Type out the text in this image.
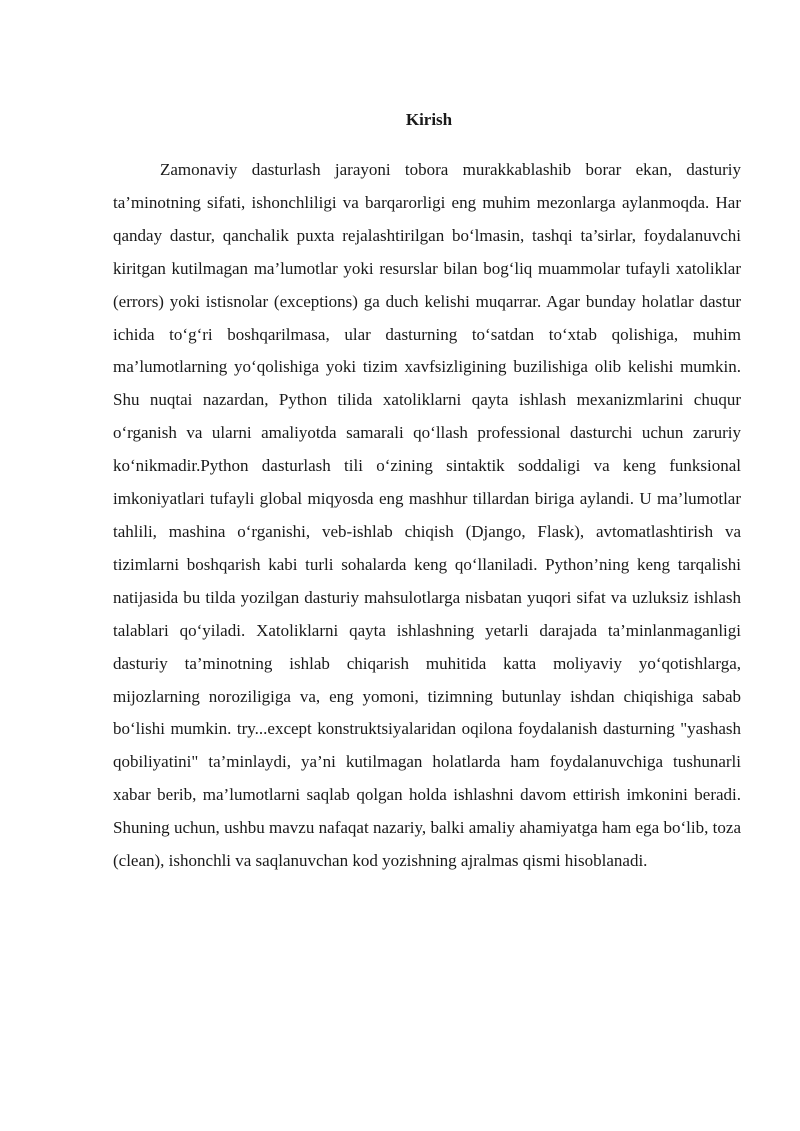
Kirish

Zamonaviy dasturlash jarayoni tobora murakkablashib borar ekan, dasturiy ta’minotning sifati, ishonchliligi va barqarorligi eng muhim mezonlarga aylanmoqda. Har qanday dastur, qanchalik puxta rejalashtirilgan bo‘lmasin, tashqi ta’sirlar, foydalanuvchi kiritgan kutilmagan ma’lumotlar yoki resurslar bilan bog‘liq muammolar tufayli xatoliklar (errors) yoki istisnolar (exceptions) ga duch kelishi muqarrar. Agar bunday holatlar dastur ichida to‘g‘ri boshqarilmasa, ular dasturning to‘satdan to‘xtab qolishiga, muhim ma’lumotlarning yo‘qolishiga yoki tizim xavfsizligining buzilishiga olib kelishi mumkin. Shu nuqtai nazardan, Python tilida xatoliklarni qayta ishlash mexanizmlarini chuqur o‘rganish va ularni amaliyotda samarali qo‘llash professional dasturchi uchun zaruriy ko‘nikmadir.Python dasturlash tili o‘zining sintaktik soddaligi va keng funksional imkoniyatlari tufayli global miqyosda eng mashhur tillardan biriga aylandi. U ma’lumotlar tahlili, mashina o‘rganishi, veb-ishlab chiqish (Django, Flask), avtomatlashtirish va tizimlarni boshqarish kabi turli sohalarda keng qo‘llaniladi. Python’ning keng tarqalishi natijasida bu tilda yozilgan dasturiy mahsulotlarga nisbatan yuqori sifat va uzluksiz ishlash talablari qo‘yiladi. Xatoliklarni qayta ishlashning yetarli darajada ta’minlanmaganligi dasturiy ta’minotning ishlab chiqarish muhitida katta moliyaviy yo‘qotishlarga, mijozlarning noroziligiga va, eng yomoni, tizimning butunlay ishdan chiqishiga sabab bo‘lishi mumkin. try...except konstruktsiyalaridan oqilona foydalanish dasturning "yashash qobiliyatini" ta’minlaydi, ya’ni kutilmagan holatlarda ham foydalanuvchiga tushunarli xabar berib, ma’lumotlarni saqlab qolgan holda ishlashni davom ettirish imkonini beradi. Shuning uchun, ushbu mavzu nafaqat nazariy, balki amaliy ahamiyatga ham ega bo‘lib, toza (clean), ishonchli va saqlanuvchan kod yozishning ajralmas qismi hisoblanadi.
